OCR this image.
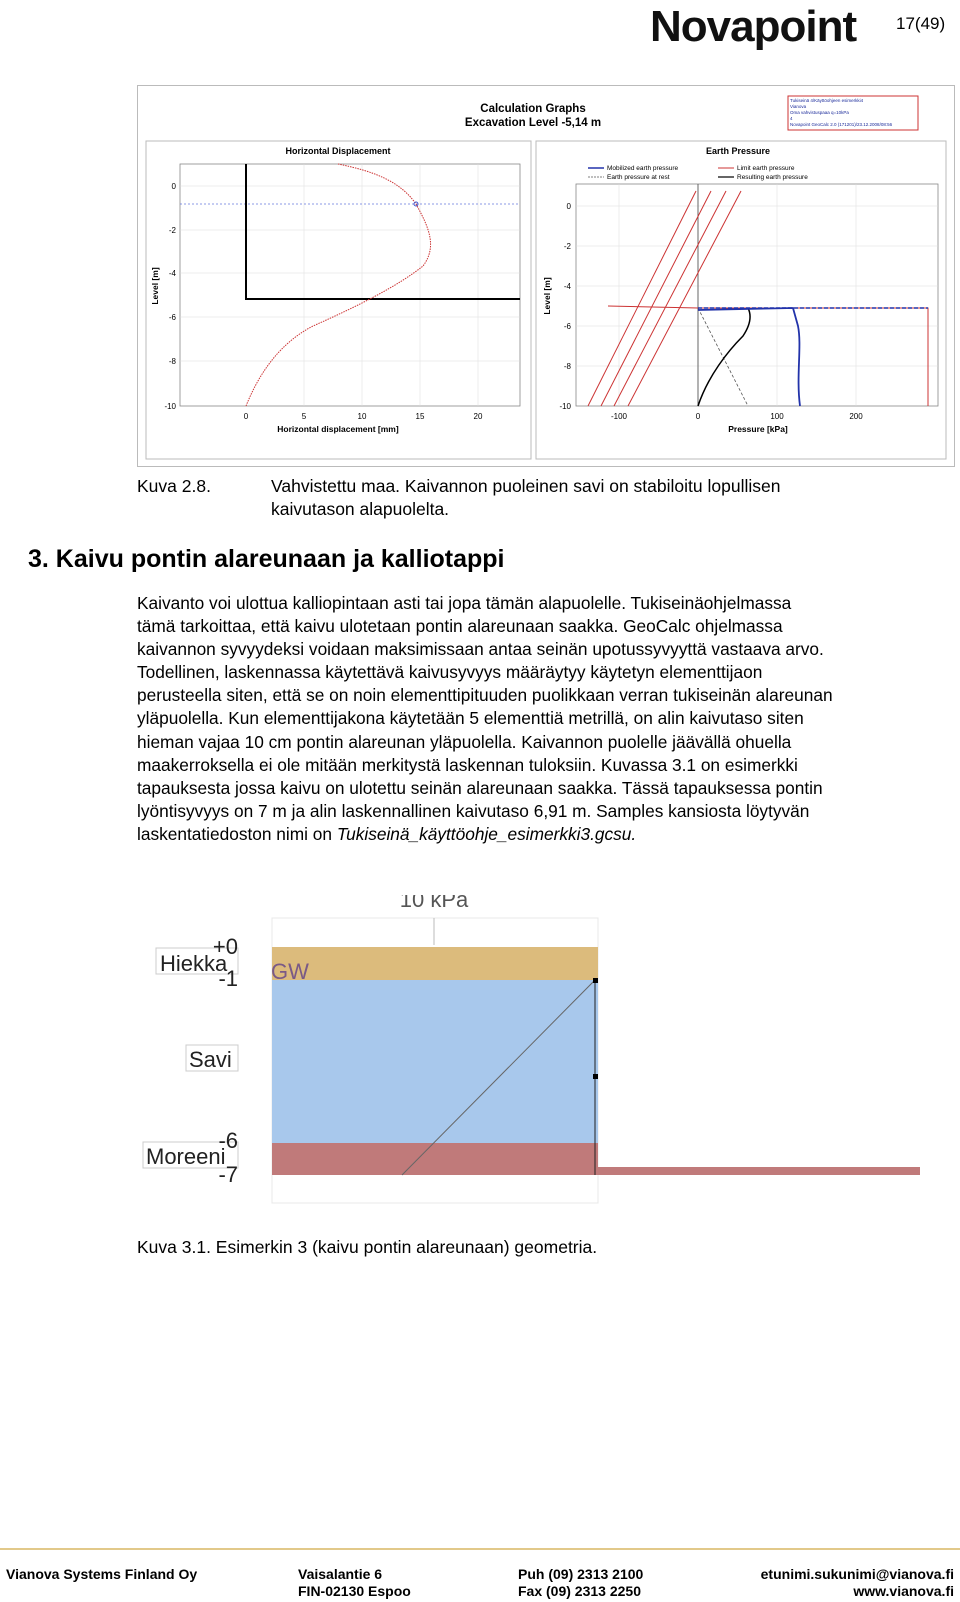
Novapoint 17(49)
Calculation Graphs
Excavation Level -5,14 m
Tukiseinä 4/Käyttöohjeen esimerkki4
Vianova
Oma vahvistuspaaa q=10kPa
4
Novapoint GeoCalc 2.0 (171201)/23.12.2008/08:56
Horizontal Displacement
0
-2
-4
-6
-8
-10
0	5	10	15	20
Horizontal displacement [mm]
Level [m]
Earth Pressure
Mobilized earth pressure	Limit earth pressure
Earth pressure at rest	Resulting earth pressure
0
-2
-4
-6
-8
-10
-100	0	100	200
Pressure [kPa]
Level [m]
Kuva 2.8.	Vahvistettu maa. Kaivannon puoleinen savi on stabiloitu lopullisen
kaivutason alapuolelta.
3. Kaivu pontin alareunaan ja kalliotappi

Kaivanto voi ulottua kalliopintaan asti tai jopa tämän alapuolelle. Tukiseinäohjelmassa

tämä tarkoittaa, että kaivu ulotetaan pontin alareunaan saakka. GeoCalc ohjelmassa

kaivannon syvyydeksi voidaan maksimissaan antaa seinän upotussyvyyttä vastaava arvo.

Todellinen, laskennassa käytettävä kaivusyvyys määräytyy käytetyn elementtijaon

perusteella siten, että se on noin elementtipituuden puolikkaan verran tukiseinän alareunan

yläpuolella. Kun elementtijakona käytetään 5 elementtiä metrillä, on alin kaivutaso siten

hieman vajaa 10 cm pontin alareunan yläpuolella. Kaivannon puolelle jäävällä ohuella

maakerroksella ei ole mitään merkitystä laskennan tuloksiin. Kuvassa 3.1 on esimerkki

tapauksesta jossa kaivu on ulotettu seinän alareunaan saakka. Tässä tapauksessa pontin

lyöntisyvyys on 7 m ja alin laskennallinen kaivutaso 6,91 m. Samples kansiosta löytyvän

laskentatiedoston nimi on Tukiseinä_käyttöohje_esimerkki3.gcsu.

10 kPa
GW
Hiekka
+0
-1
Savi
Moreeni
-6
-7
Kuva 3.1. Esimerkin 3 (kaivu pontin alareunaan) geometria.
Vianova Systems Finland Oy	Vaisalantie 6
FIN-02130 Espoo
Puh (09) 2313 2100
Fax (09) 2313 2250
etunimi.sukunimi@vianova.fi
www.vianova.fi
